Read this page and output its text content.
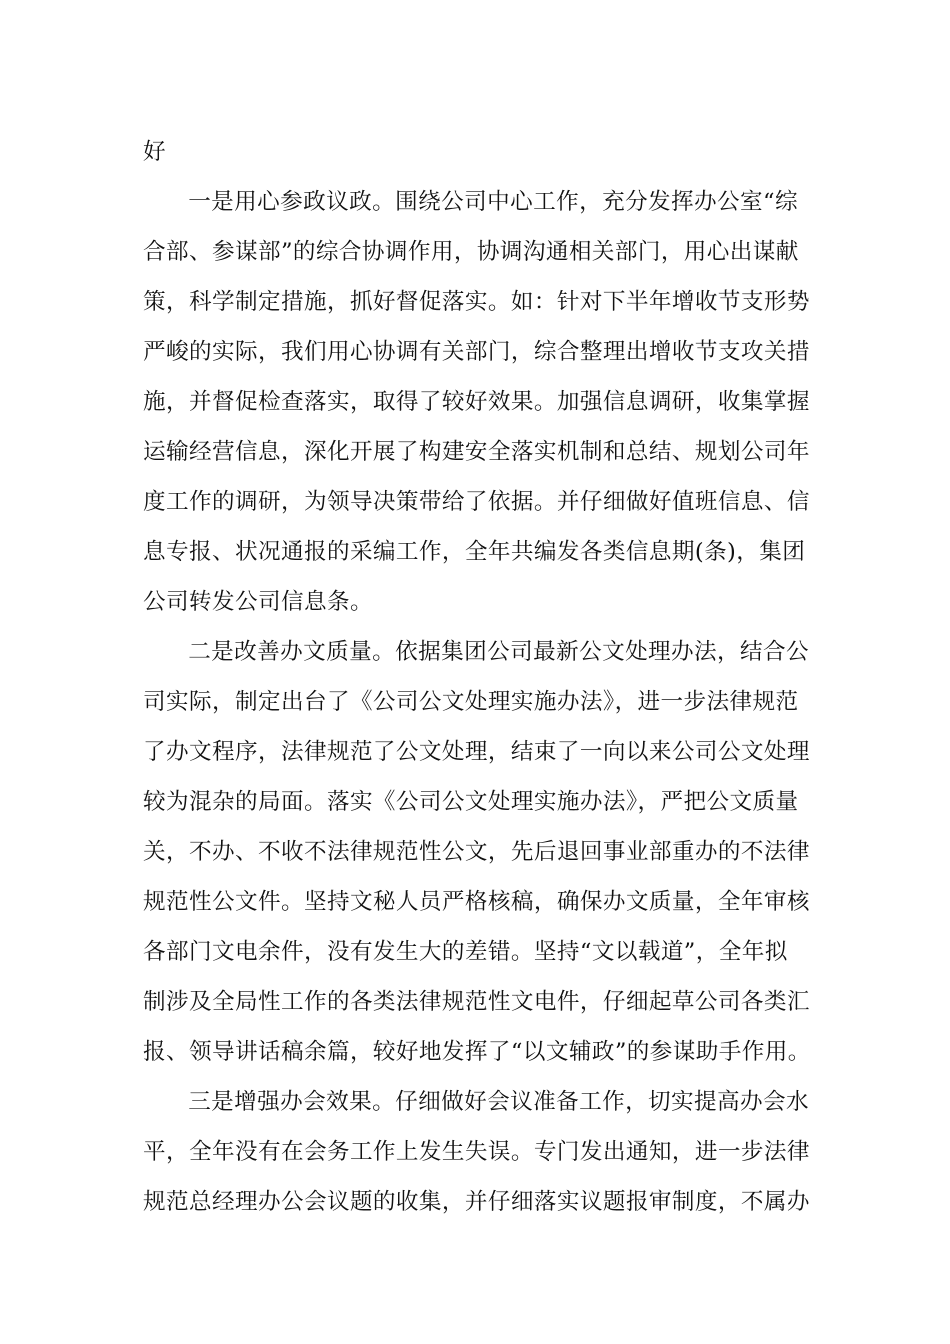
好
一是用心参政议政。围绕公司中心工作，充分发挥办公室“综
合部、参谋部”的综合协调作用，协调沟通相关部门，用心出谋献
策，科学制定措施，抓好督促落实。如：针对下半年增收节支形势
严峻的实际，我们用心协调有关部门，综合整理出增收节支攻关措
施，并督促检查落实，取得了较好效果。加强信息调研，收集掌握
运输经营信息，深化开展了构建安全落实机制和总结、规划公司年
度工作的调研，为领导决策带给了依据。并仔细做好值班信息、信
息专报、状况通报的采编工作，全年共编发各类信息期(条)，集团
公司转发公司信息条。
二是改善办文质量。依据集团公司最新公文处理办法，结合公
司实际，制定出台了《公司公文处理实施办法》，进一步法律规范
了办文程序，法律规范了公文处理，结束了一向以来公司公文处理
较为混杂的局面。落实《公司公文处理实施办法》，严把公文质量
关，不办、不收不法律规范性公文，先后退回事业部重办的不法律
规范性公文件。坚持文秘人员严格核稿，确保办文质量，全年审核
各部门文电余件，没有发生大的差错。坚持“文以载道”，全年拟
制涉及全局性工作的各类法律规范性文电件，仔细起草公司各类汇
报、领导讲话稿余篇，较好地发挥了“以文辅政”的参谋助手作用。
三是增强办会效果。仔细做好会议准备工作，切实提高办会水
平，全年没有在会务工作上发生失误。专门发出通知，进一步法律
规范总经理办公会议题的收集，并仔细落实议题报审制度，不属办
